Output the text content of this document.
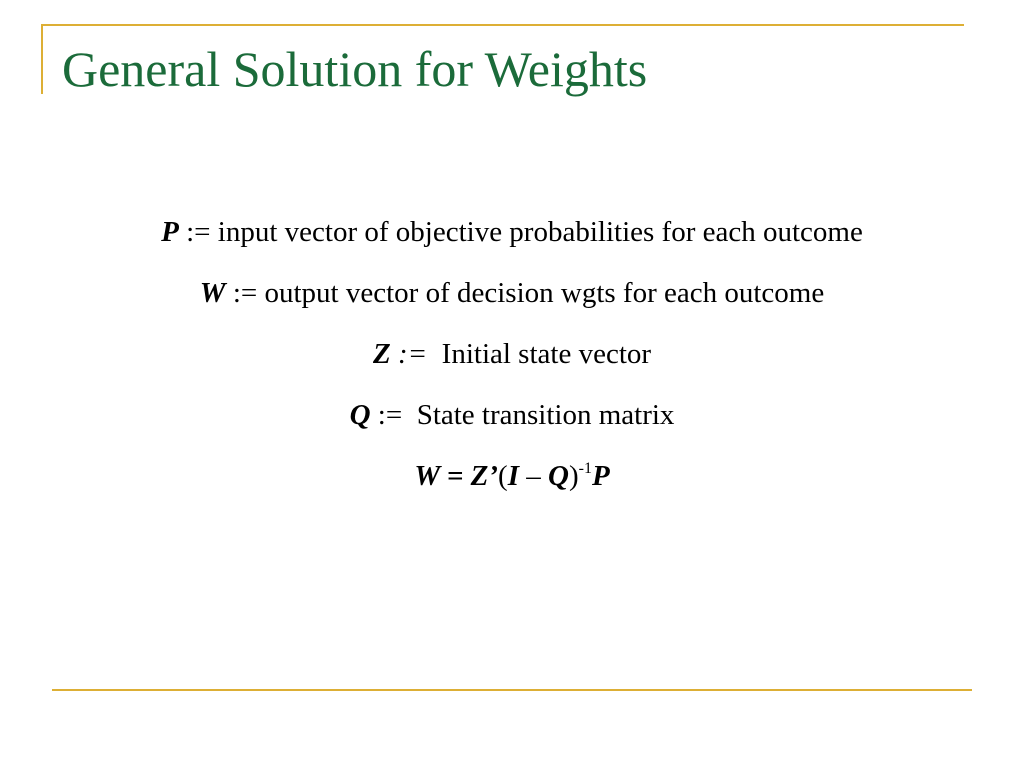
General Solution for Weights
P := input vector of objective probabilities for each outcome
W := output vector of decision wgts for each outcome
Z :=  Initial state vector
Q :=  State transition matrix
W = Z’(I – Q)$^{-1}$P
